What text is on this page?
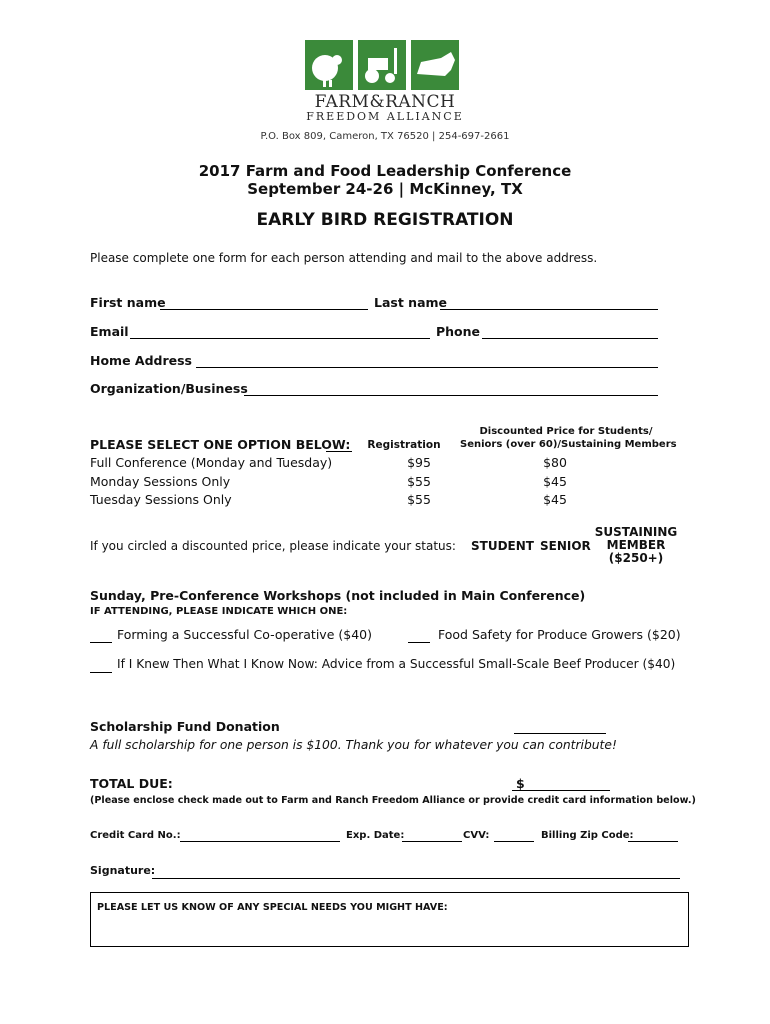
FARM&RANCH
FREEDOM ALLIANCE
P.O. Box 809, Cameron, TX 76520 | 254-697-2661
2017 Farm and Food Leadership Conference
September 24-26 | McKinney, TX
EARLY BIRD REGISTRATION
Please complete one form for each person attending and mail to the above address.
First name	Last name
Email	Phone
Home Address
Organization/Business
Discounted Price for Students/
Seniors (over 60)/Sustaining Members
PLEASE SELECT ONE OPTION BELOW: Registration
Full Conference (Monday and Tuesday)	$95	$80
Monday Sessions Only	$55	$45
Tuesday Sessions Only	$55	$45
If you circled a discounted price, please indicate your status: STUDENT SENIOR
SUSTAINING
MEMBER
($250+)
Sunday, Pre-Conference Workshops (not included in Main Conference)
IF ATTENDING, PLEASE INDICATE WHICH ONE:
Forming a Successful Co-operative ($40)	Food Safety for Produce Growers ($20)
If I Knew Then What I Know Now: Advice from a Successful Small-Scale Beef Producer ($40)
Scholarship Fund Donation
A full scholarship for one person is $100. Thank you for whatever you can contribute!
TOTAL DUE:	$
(Please enclose check made out to Farm and Ranch Freedom Alliance or provide credit card information below.)
Credit Card No.:	Exp. Date:	CVV:	Billing Zip Code:
Signature:
PLEASE LET US KNOW OF ANY SPECIAL NEEDS YOU MIGHT HAVE:
